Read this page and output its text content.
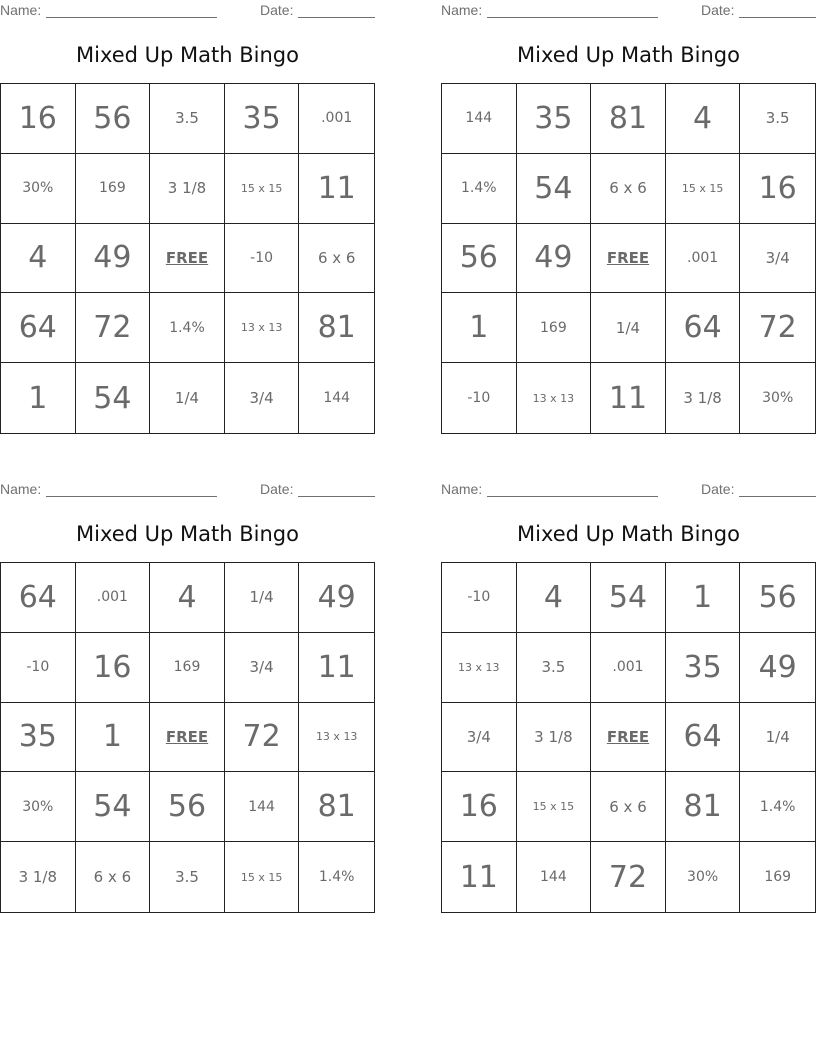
Name:	Date:
Mixed Up Math Bingo
16	56	3.5	35	.001
30%	169	3 1/8	15 x 15	11
4	49	FREE	-10	6 x 6
64	72	1.4%	13 x 13	81
1	54	1/4	3/4	144
Name:	Date:
Mixed Up Math Bingo
144	35	81	4	3.5
1.4%	54	6 x 6	15 x 15	16
56	49	FREE	.001	3/4
1	169	1/4	64	72
-10	13 x 13	11	3 1/8	30%
Name:	Date:
Mixed Up Math Bingo
64	.001	4	1/4	49
-10	16	169	3/4	11
35	1	FREE	72	13 x 13
30%	54	56	144	81
3 1/8	6 x 6	3.5	15 x 15	1.4%
Name:	Date:
Mixed Up Math Bingo
-10	4	54	1	56
13 x 13	3.5	.001	35	49
3/4	3 1/8	FREE	64	1/4
16	15 x 15	6 x 6	81	1.4%
11	144	72	30%	169
